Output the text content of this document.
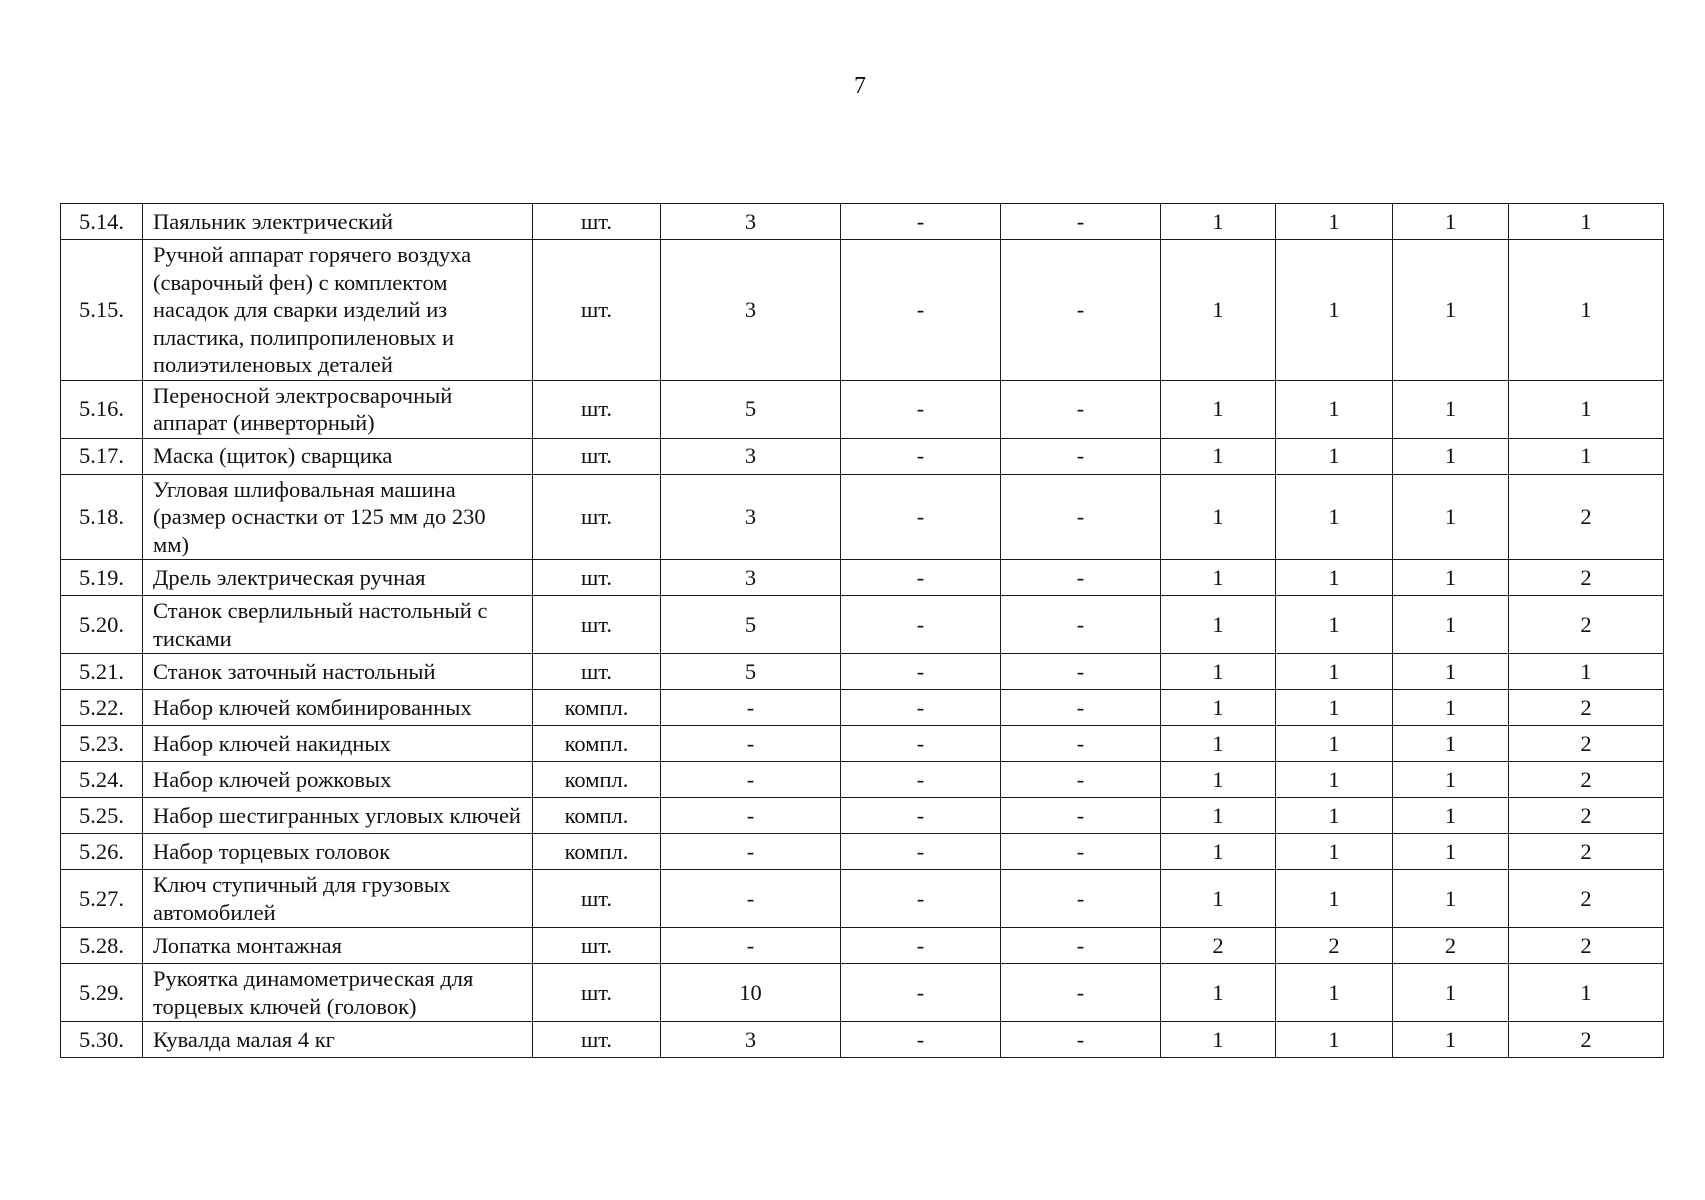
7
5.14.	Паяльник электрический	шт.	3	-	-	1	1	1	1
5.15.	Ручной аппарат горячего воздуха (сварочный фен) с комплектом насадок для сварки изделий из пластика, полипропиленовых и полиэтиленовых деталей	шт.	3	-	-	1	1	1	1
5.16.	Переносной электросварочный аппарат (инверторный)	шт.	5	-	-	1	1	1	1
5.17.	Маска (щиток) сварщика	шт.	3	-	-	1	1	1	1
5.18.	Угловая шлифовальная машина (размер оснастки от 125 мм до 230 мм)	шт.	3	-	-	1	1	1	2
5.19.	Дрель электрическая ручная	шт.	3	-	-	1	1	1	2
5.20.	Станок сверлильный настольный с тисками	шт.	5	-	-	1	1	1	2
5.21.	Станок заточный настольный	шт.	5	-	-	1	1	1	1
5.22.	Набор ключей комбинированных	компл.	-	-	-	1	1	1	2
5.23.	Набор ключей накидных	компл.	-	-	-	1	1	1	2
5.24.	Набор ключей рожковых	компл.	-	-	-	1	1	1	2
5.25.	Набор шестигранных угловых ключей	компл.	-	-	-	1	1	1	2
5.26.	Набор торцевых головок	компл.	-	-	-	1	1	1	2
5.27.	Ключ ступичный для грузовых автомобилей	шт.	-	-	-	1	1	1	2
5.28.	Лопатка монтажная	шт.	-	-	-	2	2	2	2
5.29.	Рукоятка динамометрическая для торцевых ключей (головок)	шт.	10	-	-	1	1	1	1
5.30.	Кувалда малая 4 кг	шт.	3	-	-	1	1	1	2
